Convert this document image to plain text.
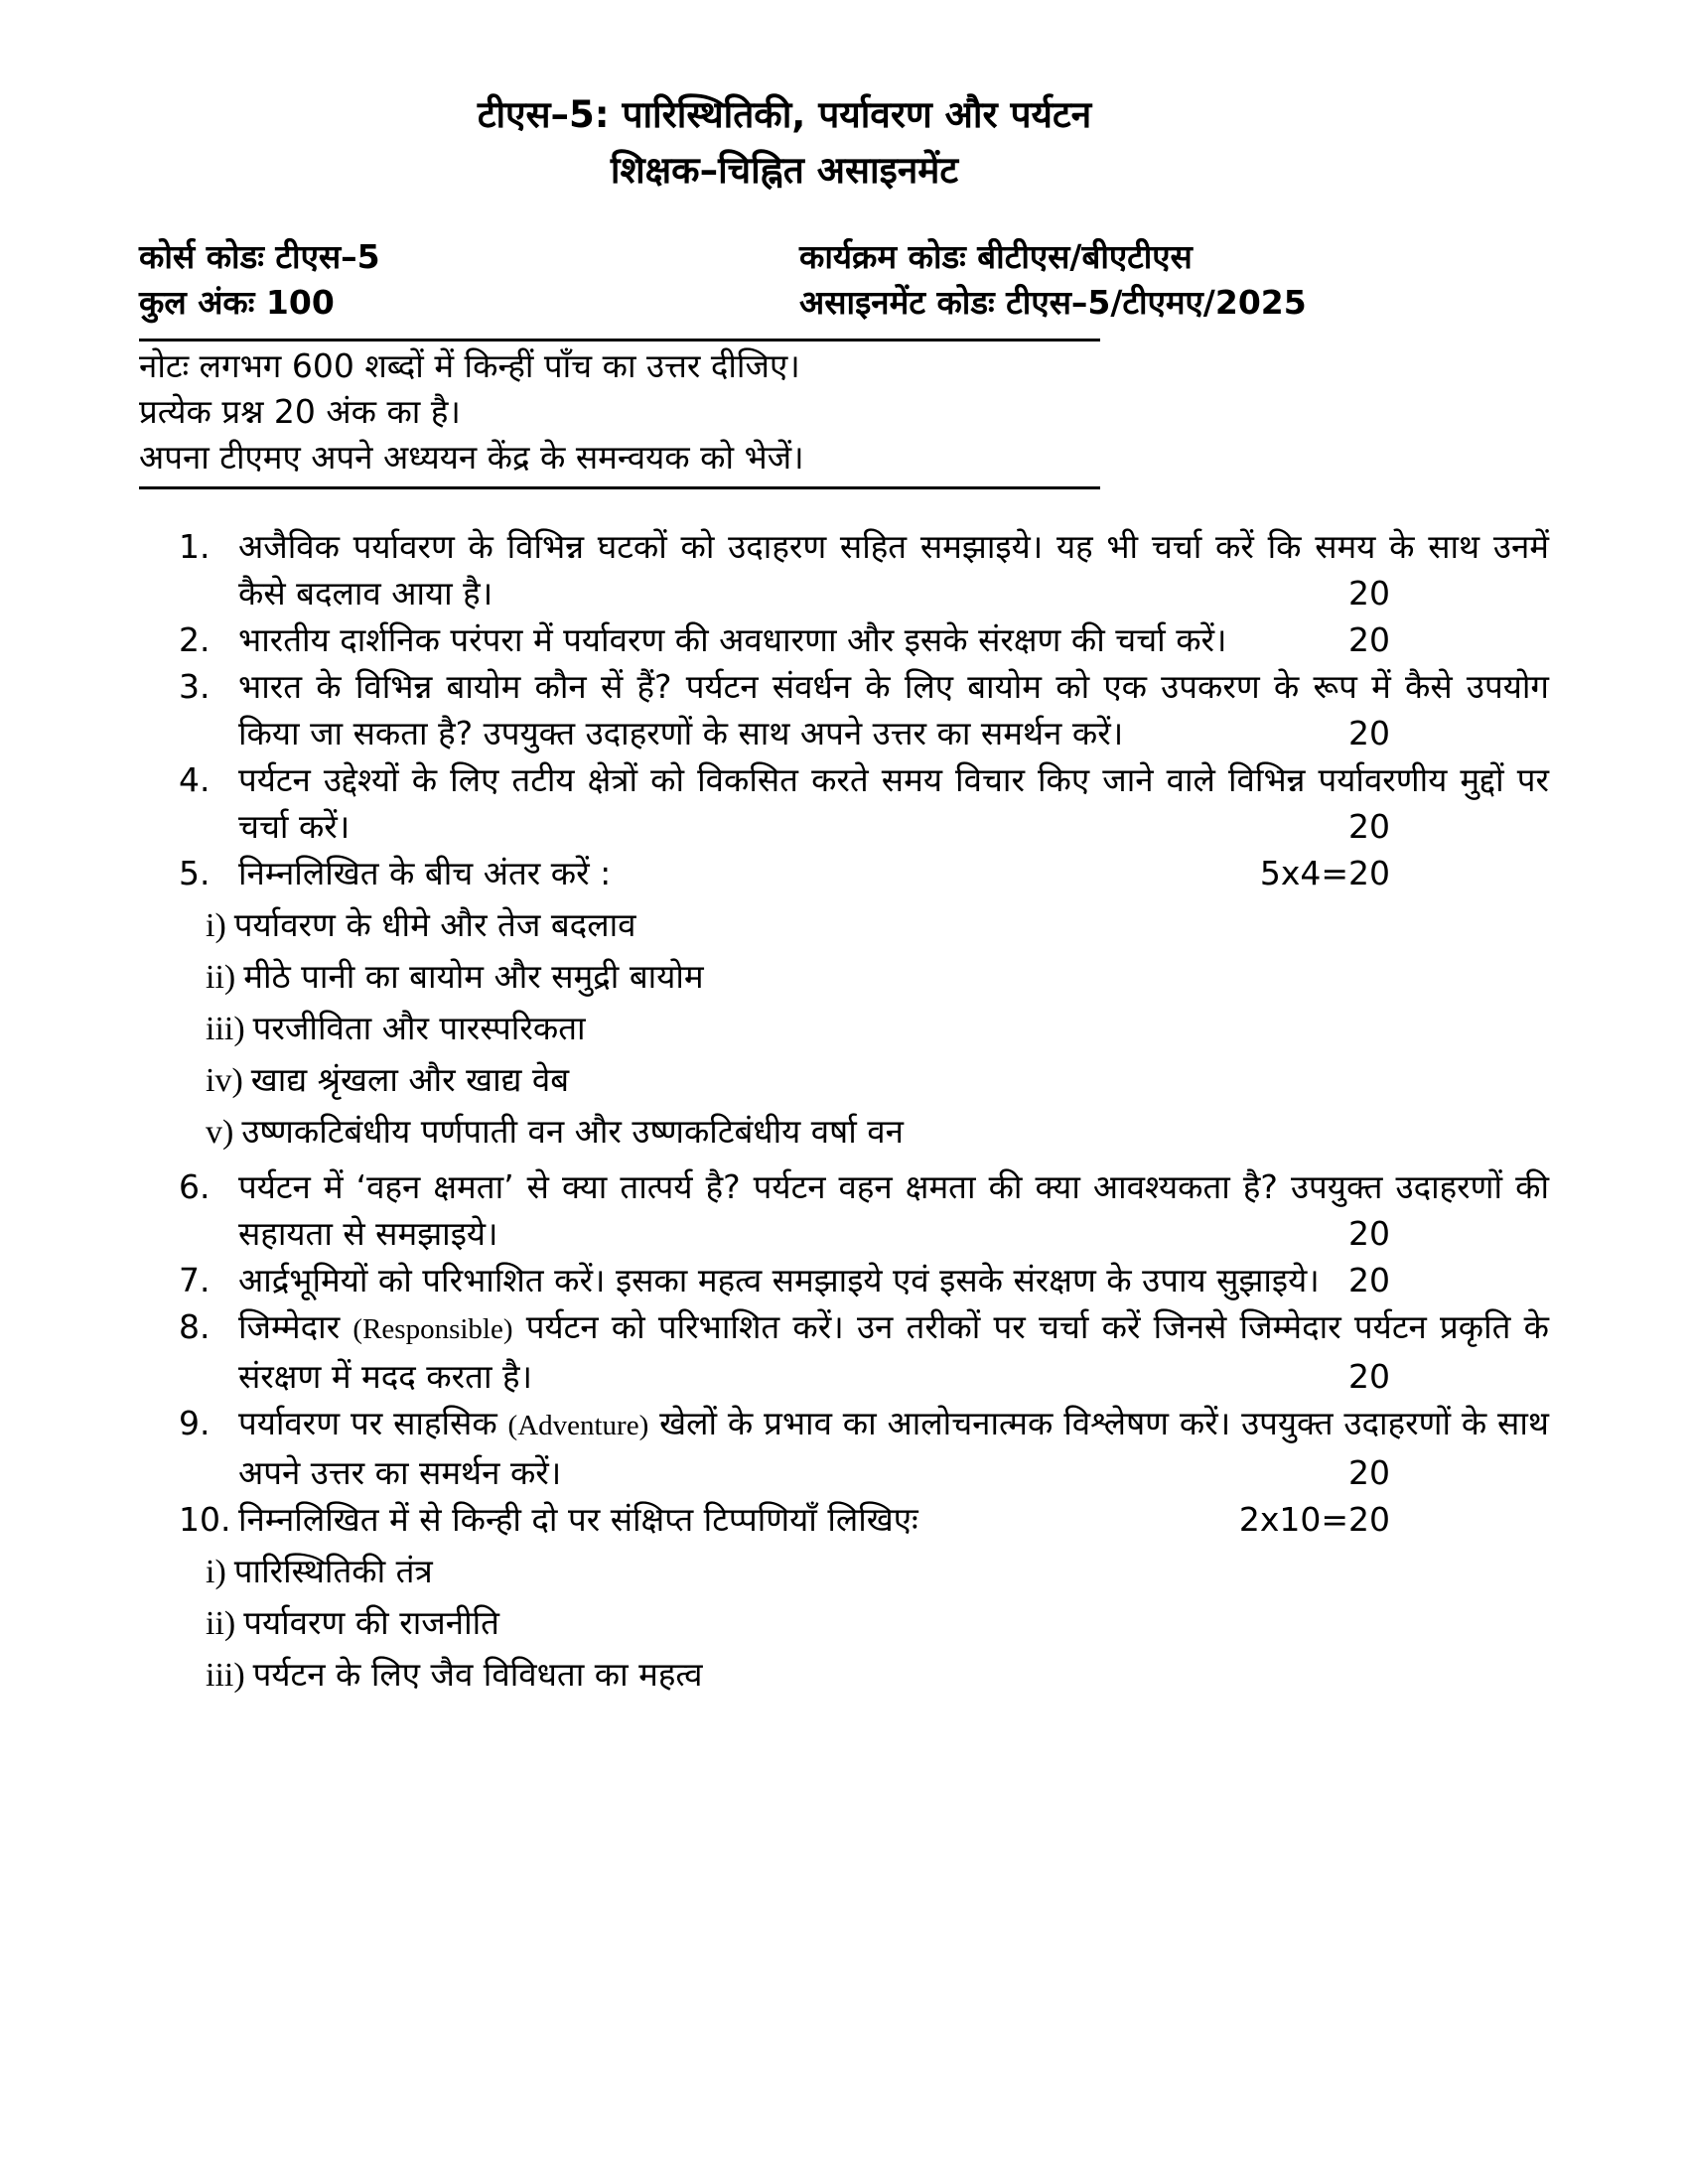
टीएस–5: पारिस्थितिकी, पर्यावरण और पर्यटन
शिक्षक–चिह्नित असाइनमेंट
कोर्स कोडः टीएस–5	कार्यक्रम कोडः बीटीएस/बीएटीएस
कुल अंकः 100	असाइनमेंट कोडः टीएस–5/टीएमए/2025
नोटः लगभग 600 शब्दों में किन्हीं पाँच का उत्तर दीजिए।
प्रत्येक प्रश्न 20 अंक का है।
अपना टीएमए अपने अध्ययन केंद्र के समन्वयक को भेजें।
1. अजैविक पर्यावरण के विभिन्न घटकों को उदाहरण सहित समझाइये। यह भी चर्चा करें कि समय के साथ उनमें कैसे बदलाव आया है।	20
2. भारतीय दार्शनिक परंपरा में पर्यावरण की अवधारणा और इसके संरक्षण की चर्चा करें।	20
3. भारत के विभिन्न बायोम कौन सें हैं? पर्यटन संवर्धन के लिए बायोम को एक उपकरण के रूप में कैसे उपयोग किया जा सकता है? उपयुक्त उदाहरणों के साथ अपने उत्तर का समर्थन करें।	20
4. पर्यटन उद्देश्यों के लिए तटीय क्षेत्रों को विकसित करते समय विचार किए जाने वाले विभिन्न पर्यावरणीय मुद्दों पर चर्चा करें।	20
5. निम्नलिखित के बीच अंतर करें :	5x4=20
i) पर्यावरण के धीमे और तेज बदलाव
ii) मीठे पानी का बायोम और समुद्री बायोम
iii) परजीविता और पारस्परिकता
iv) खाद्य श्रृंखला और खाद्य वेब
v) उष्णकटिबंधीय पर्णपाती वन और उष्णकटिबंधीय वर्षा वन
6. पर्यटन में ‘वहन क्षमता’ से क्या तात्पर्य है? पर्यटन वहन क्षमता की क्या आवश्यकता है? उपयुक्त उदाहरणों की सहायता से समझाइये।	20
7. आर्द्रभूमियों को परिभाशित करें। इसका महत्व समझाइये एवं इसके संरक्षण के उपाय सुझाइये। 20
8. जिम्मेदार (Responsible) पर्यटन को परिभाशित करें। उन तरीकों पर चर्चा करें जिनसे जिम्मेदार पर्यटन प्रकृति के संरक्षण में मदद करता है।	20
9. पर्यावरण पर साहसिक (Adventure) खेलों के प्रभाव का आलोचनात्मक विश्लेषण करें। उपयुक्त उदाहरणों के साथ अपने उत्तर का समर्थन करें।	20
10. निम्नलिखित में से किन्ही दो पर संक्षिप्त टिप्पणियाँ लिखिएः	2x10=20
i) पारिस्थितिकी तंत्र
ii) पर्यावरण की राजनीति
iii) पर्यटन के लिए जैव विविधता का महत्व
